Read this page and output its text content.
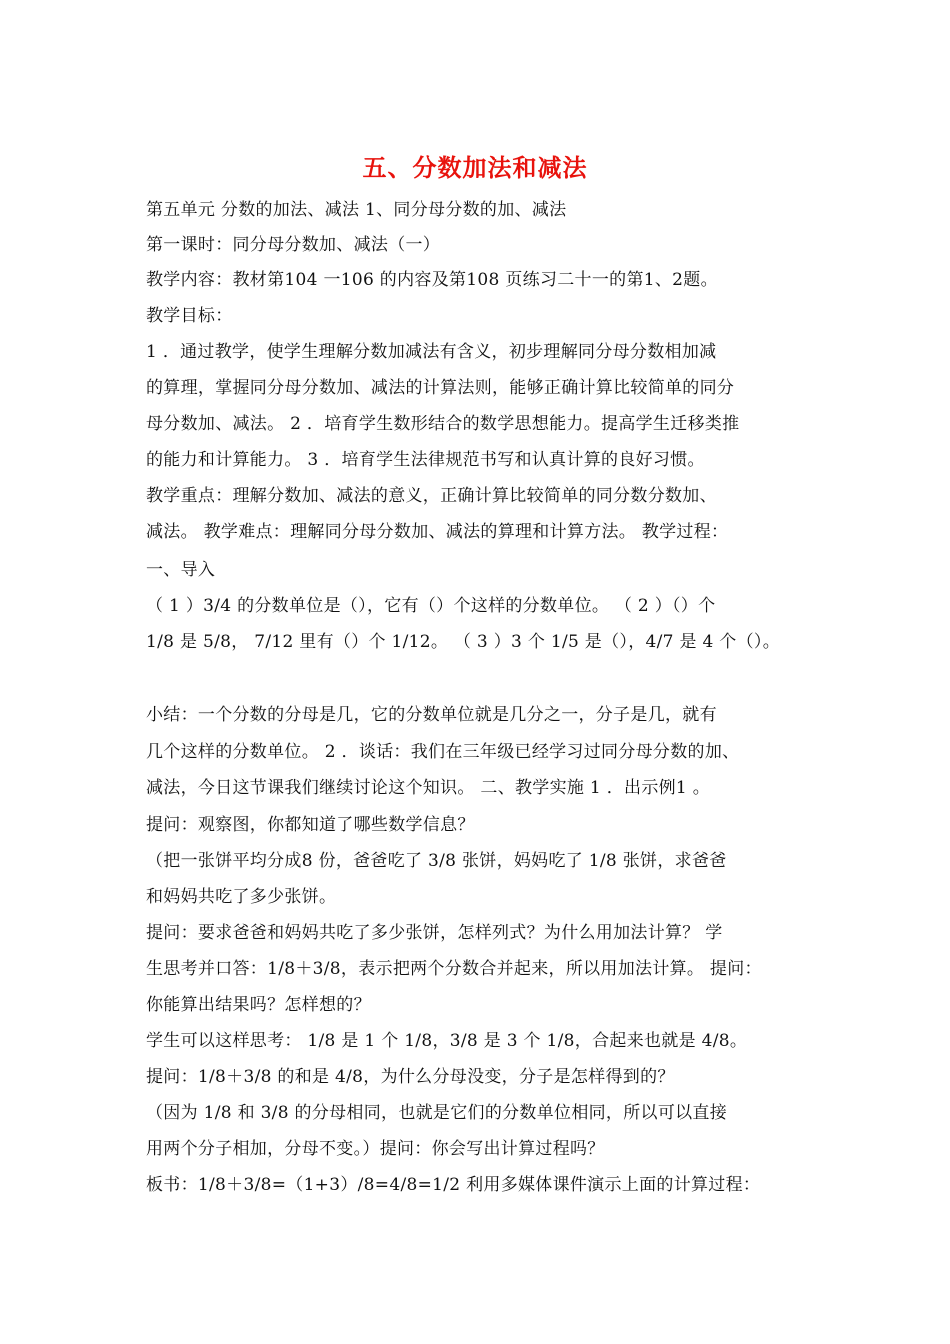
五、分数加法和减法
第五单元 分数的加法、减法 1、同分母分数的加、减法
第一课时：同分母分数加、减法（一）
教学内容：教材第104 一106 的内容及第108 页练习二十一的第1、2题。
教学目标：
1 ．通过教学，使学生理解分数加减法有含义，初步理解同分母分数相加减
的算理，掌握同分母分数加、减法的计算法则，能够正确计算比较简单的同分
母分数加、减法。 2 ．培育学生数形结合的数学思想能力。提高学生迁移类推
的能力和计算能力。 3 ．培育学生法律规范书写和认真计算的良好习惯。
教学重点：理解分数加、减法的意义，正确计算比较简单的同分数分数加、
减法。 教学难点：理解同分母分数加、减法的算理和计算方法。 教学过程：
一、导入
（ 1 ）3/4 的分数单位是（），它有（）个这样的分数单位。 （ 2 ）（）个
1/8 是 5/8， 7/12 里有（）个 1/12。 （ 3 ）3 个 1/5 是（），4/7 是 4 个（）。
小结：一个分数的分母是几，它的分数单位就是几分之一，分子是几，就有
几个这样的分数单位。 2 ．谈话：我们在三年级已经学习过同分母分数的加、
减法，今日这节课我们继续讨论这个知识。 二、教学实施 1 ．出示例1 。
提问：观察图，你都知道了哪些数学信息？
（把一张饼平均分成8 份，爸爸吃了 3/8 张饼，妈妈吃了 1/8 张饼，求爸爸
和妈妈共吃了多少张饼。
提问：要求爸爸和妈妈共吃了多少张饼，怎样列式？为什么用加法计算？ 学
生思考并口答：1/8＋3/8，表示把两个分数合并起来，所以用加法计算。 提问：
你能算出结果吗？怎样想的？
学生可以这样思考： 1/8 是 1 个 1/8，3/8 是 3 个 1/8，合起来也就是 4/8。
提问：1/8＋3/8 的和是 4/8，为什么分母没变，分子是怎样得到的？
（因为 1/8 和 3/8 的分母相同，也就是它们的分数单位相同，所以可以直接
用两个分子相加，分母不变。）提问：你会写出计算过程吗？
板书：1/8＋3/8=（1+3）/8=4/8=1/2 利用多媒体课件演示上面的计算过程：
